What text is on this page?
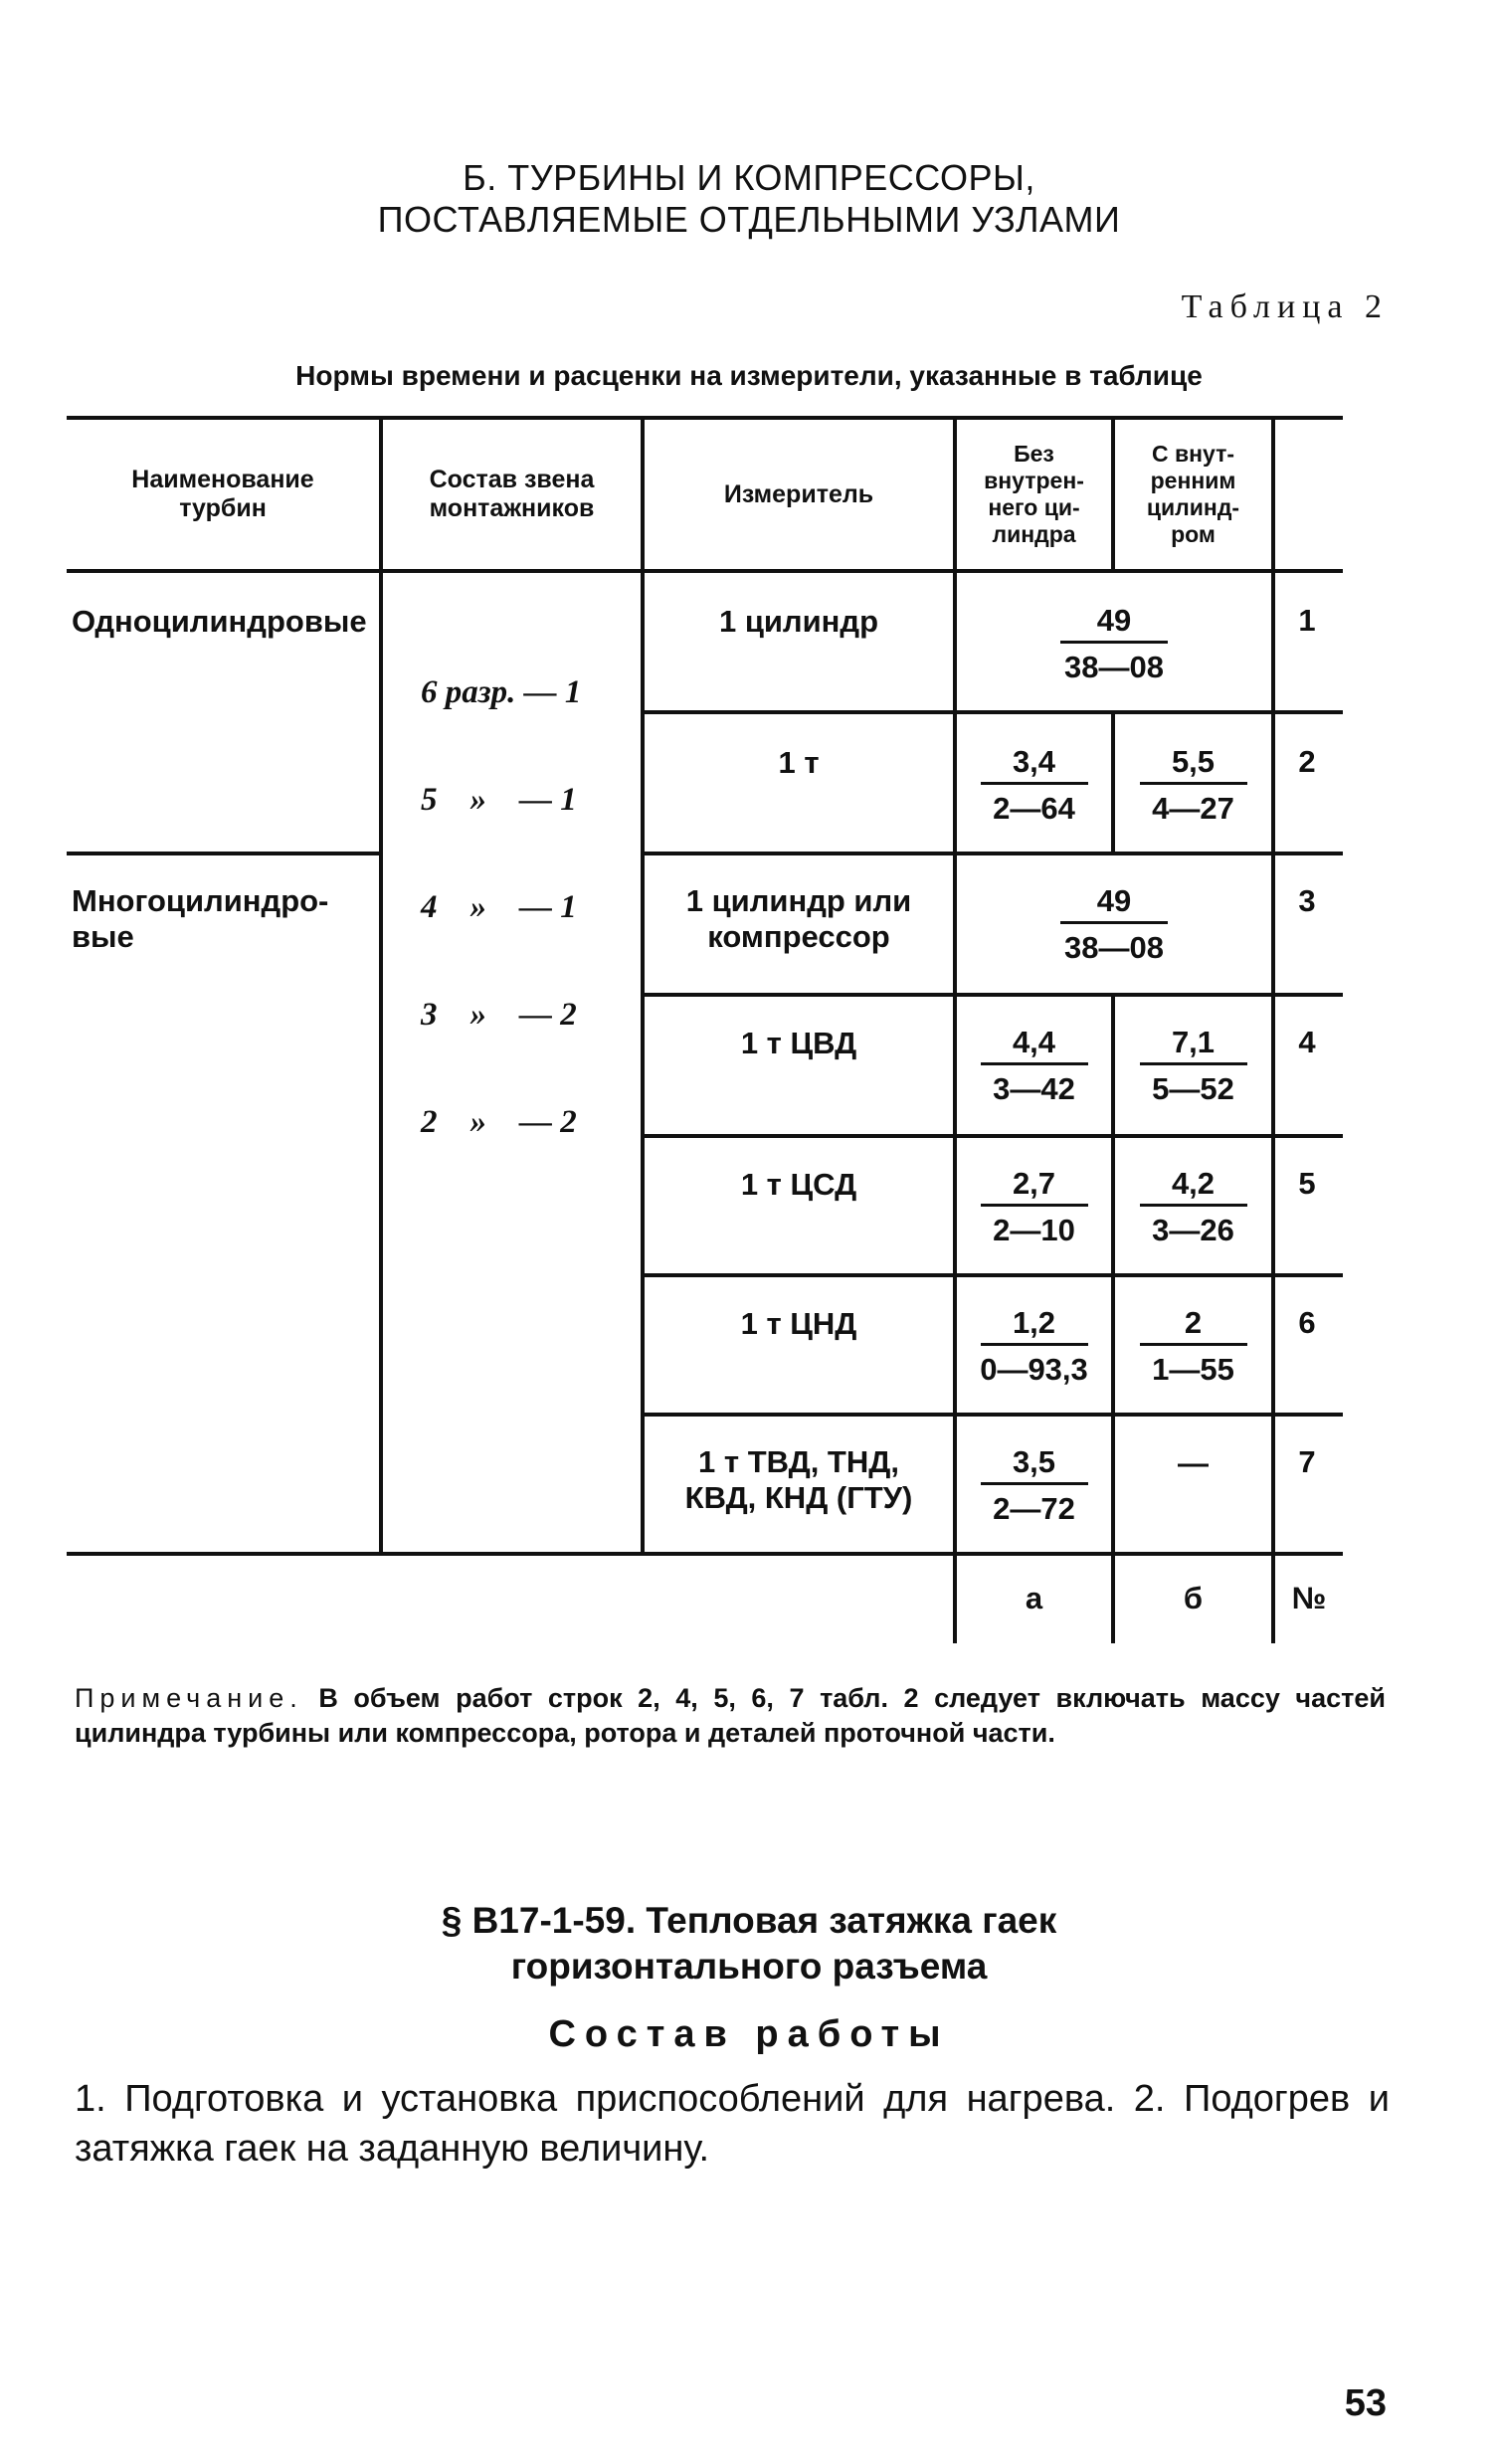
Б. ТУРБИНЫ И КОМПРЕССОРЫ,
ПОСТАВЛЯЕМЫЕ ОТДЕЛЬНЫМИ УЗЛАМИ
Таблица 2
Нормы времени и расценки на измерители, указанные в таблице
Наименование
турбин
Состав звена
монтажников
Измеритель
Без
внутрен-
него ци-
линдра
С внут-
ренним
цилинд-
ром
Одноцилиндровые
Многоцилиндро-
вые

6 разр. — 1

5    »    — 1

4    »    — 1

3    »    — 2

2    »    — 2

1 цилиндр
1 т
1 цилиндр или
компрессор
1 т ЦВД
1 т ЦСД
1 т ЦНД
1 т ТВД, ТНД,
КВД, КНД (ГТУ)
49
38—08
3,4
2—64
5,5
4—27
49
38—08
4,4
3—42
7,1
5—52
2,7
2—10
4,2
3—26
1,2
0—93,3
2
1—55
3,5
2—72
—
1
2
3
4
5
6
7
а	б	№
Примечание. В объем работ строк 2, 4, 5, 6, 7 табл. 2 следует включать массу частей цилиндра турбины или компрессора, ротора и деталей проточной части.
§ В17-1-59. Тепловая затяжка гаек
горизонтального разъема
Состав работы
1. Подготовка и установка приспособлений для нагрева. 2. Подогрев и затяжка гаек на заданную величину.
53
